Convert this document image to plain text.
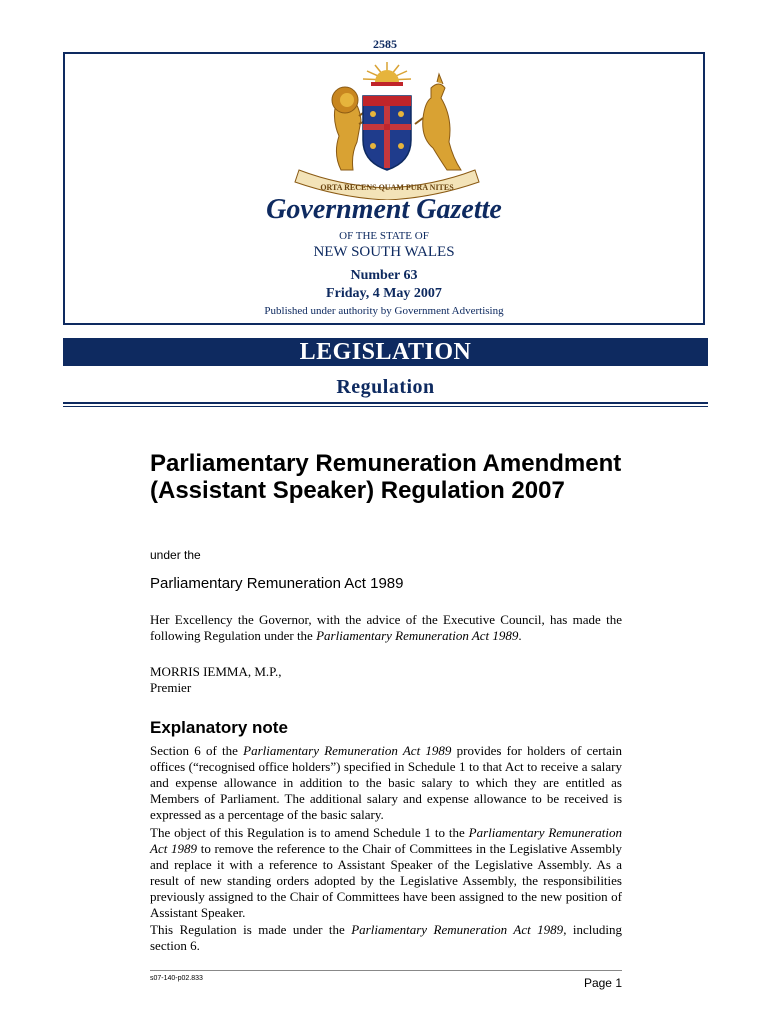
2585
ORTA RECENS QUAM PURA NITES
Government Gazette
OF THE STATE OF
NEW SOUTH WALES
Number 63
Friday, 4 May 2007
Published under authority by Government Advertising
LEGISLATION
Regulation
Parliamentary Remuneration Amendment (Assistant Speaker) Regulation 2007
under the
Parliamentary Remuneration Act 1989

Her Excellency the Governor, with the advice of the Executive Council, has made the following Regulation under the Parliamentary Remuneration Act 1989.

MORRIS IEMMA, M.P.,
Premier

Explanatory note

Section 6 of the Parliamentary Remuneration Act 1989 provides for holders of certain offices (“recognised office holders”) specified in Schedule 1 to that Act to receive a salary and expense allowance in addition to the basic salary to which they are entitled as Members of Parliament. The additional salary and expense allowance to be received is expressed as a percentage of the basic salary.

The object of this Regulation is to amend Schedule 1 to the Parliamentary Remuneration Act 1989 to remove the reference to the Chair of Committees in the Legislative Assembly and replace it with a reference to Assistant Speaker of the Legislative Assembly. As a result of new standing orders adopted by the Legislative Assembly, the responsibilities previously assigned to the Chair of Committees have been assigned to the new position of Assistant Speaker.

This Regulation is made under the Parliamentary Remuneration Act 1989, including section 6.

s07-140-p02.833	Page 1
